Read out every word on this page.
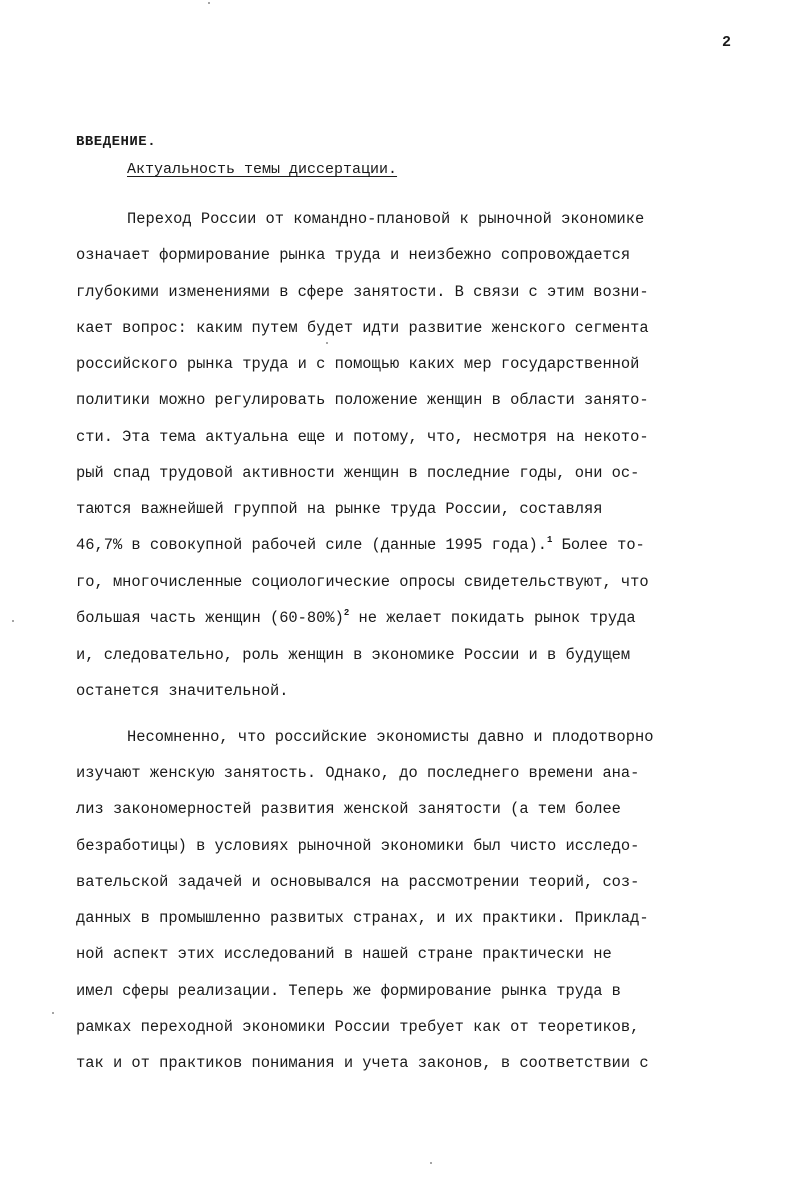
2
ВВЕДЕНИЕ.
Актуальность темы диссертации.
Переход России от командно-плановой к рыночной экономике
означает формирование рынка труда и неизбежно сопровождается
глубокими изменениями в сфере занятости. В связи с этим возни-
кает вопрос: каким путем будет идти развитие женского сегмента
российского рынка труда и с помощью каких мер государственной
политики можно регулировать положение женщин в области занято-
сти. Эта тема актуальна еще и потому, что, несмотря на некото-
рый спад трудовой активности женщин в последние годы, они ос-
таются важнейшей группой на рынке труда России, составляя
46,7% в совокупной рабочей силе (данные 1995 года).$^1$ Более то-
го, многочисленные социологические опросы свидетельствуют, что
большая часть женщин $(60-80\%)^2$ не желает покидать рынок труда
и, следовательно, роль женщин в экономике России и в будущем
останется значительной.
Несомненно, что российские экономисты давно и плодотворно
изучают женскую занятость. Однако, до последнего времени ана-
лиз закономерностей развития женской занятости (а тем более
безработицы) в условиях рыночной экономики был чисто исследо-
вательской задачей и основывался на рассмотрении теорий, соз-
данных в промышленно развитых странах, и их практики. Приклад-
ной аспект этих исследований в нашей стране практически не
имел сферы реализации. Теперь же формирование рынка труда в
рамках переходной экономики России требует как от теоретиков,
так и от практиков понимания и учета законов, в соответствии с
